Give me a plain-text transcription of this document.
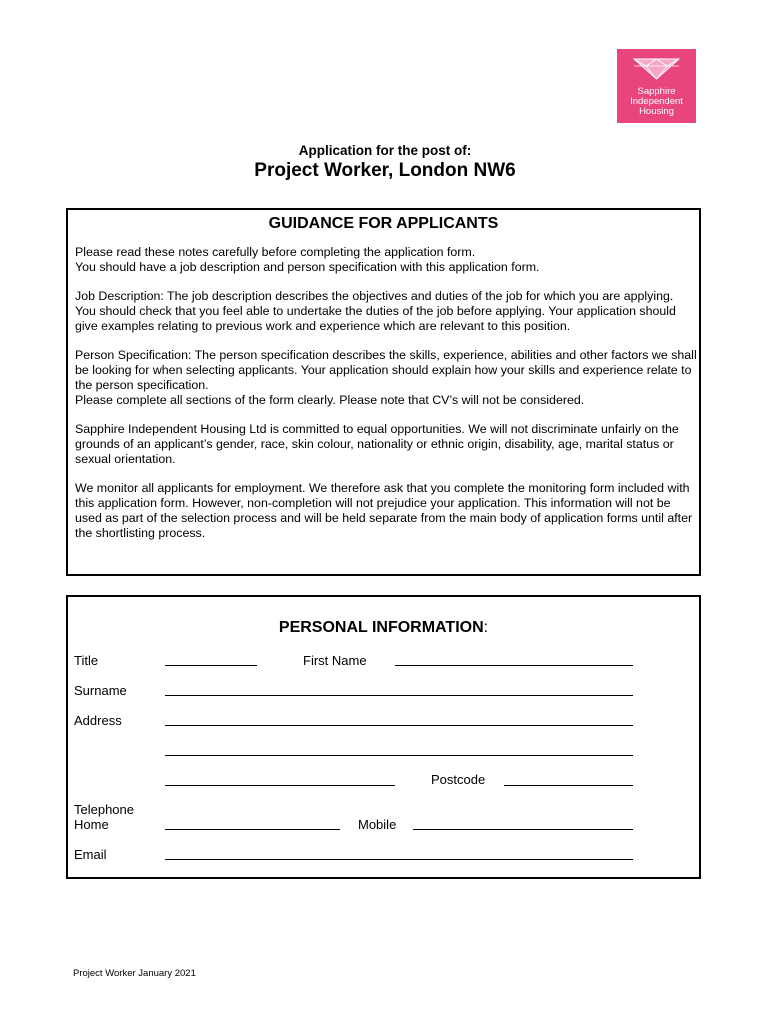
Sapphire
Independent
Housing
Application for the post of:
Project Worker, London NW6
GUIDANCE FOR APPLICANTS

Please read these notes carefully before completing the application form.
You should have a job description and person specification with this application form.

Job Description: The job description describes the objectives and duties of the job for which you are applying. You should check that you feel able to undertake the duties of the job before applying. Your application should give examples relating to previous work and experience which are relevant to this position.

Person Specification: The person specification describes the skills, experience, abilities and other factors we shall be looking for when selecting applicants. Your application should explain how your skills and experience relate to the person specification.
Please complete all sections of the form clearly. Please note that CV’s will not be considered.

Sapphire Independent Housing Ltd is committed to equal opportunities. We will not discriminate unfairly on the grounds of an applicant’s gender, race, skin colour, nationality or ethnic origin, disability, age, marital status or sexual orientation.

We monitor all applicants for employment. We therefore ask that you complete the monitoring form included with this application form. However, non-completion will not prejudice your application. This information will not be used as part of the selection process and will be held separate from the main body of application forms until after the shortlisting process.

PERSONAL INFORMATION:
Title	First Name
Surname
Address
Postcode
Telephone
Home	Mobile
Email
Project Worker January 2021
